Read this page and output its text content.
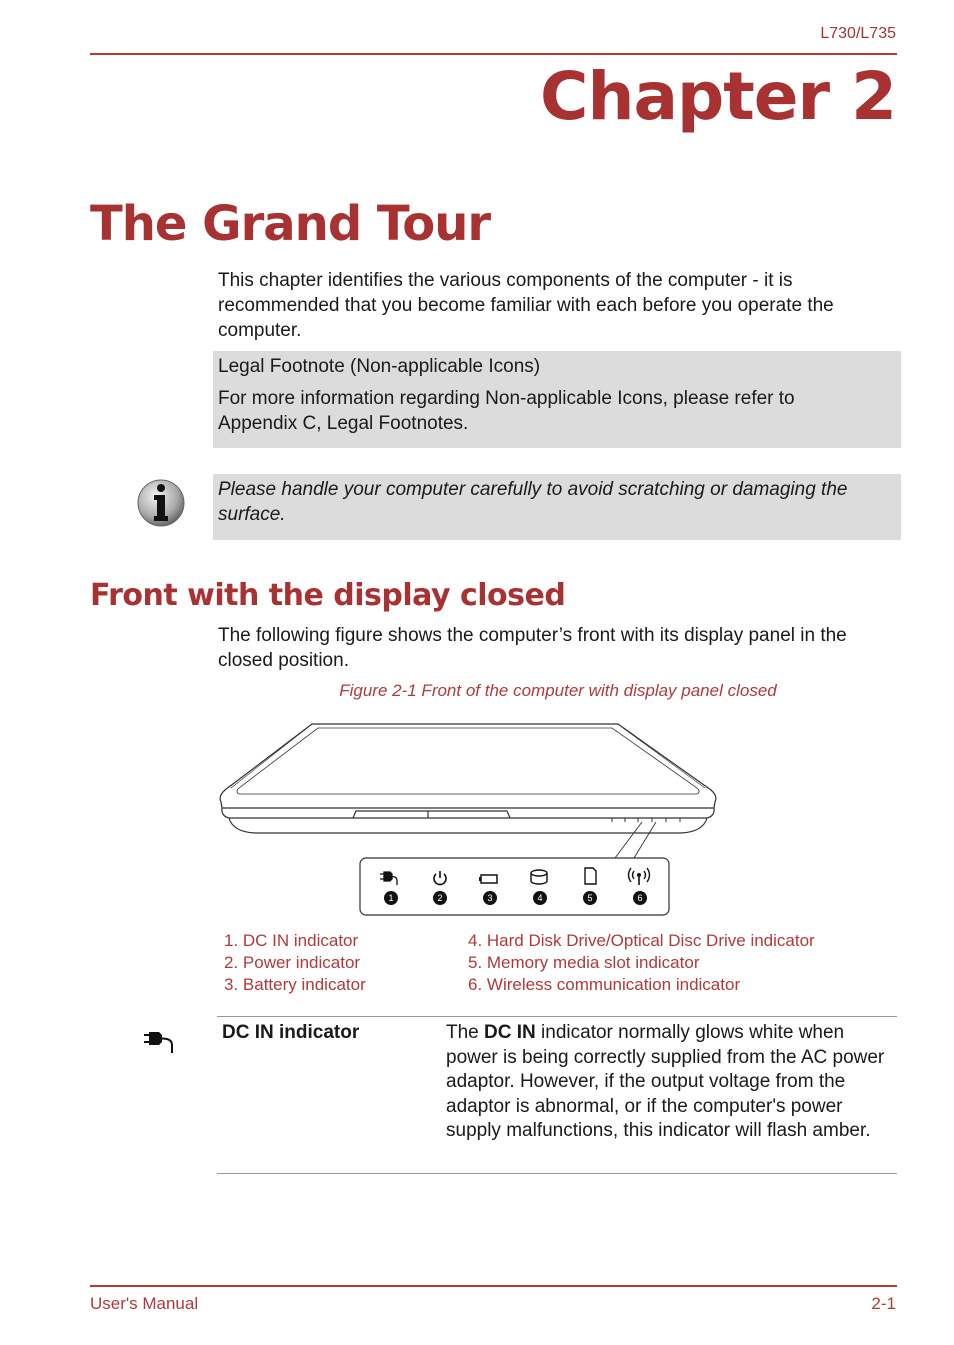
L730/L735
Chapter 2
The Grand Tour
This chapter identifies the various components of the computer - it is recommended that you become familiar with each before you operate the computer.
Legal Footnote (Non-applicable Icons)
For more information regarding Non-applicable Icons, please refer to Appendix C, Legal Footnotes.
Please handle your computer carefully to avoid scratching or damaging the surface.
Front with the display closed
The following figure shows the computer’s front with its display panel in the closed position.
Figure 2-1 Front of the computer with display panel closed
1	2	3	4	5	6
1. DC IN indicator
2. Power indicator
3. Battery indicator
4. Hard Disk Drive/Optical Disc Drive indicator
5. Memory media slot indicator
6. Wireless communication indicator
DC IN indicator	The DC IN indicator normally glows white when power is being correctly supplied from the AC power adaptor. However, if the output voltage from the adaptor is abnormal, or if the computer's power supply malfunctions, this indicator will flash amber.
User's Manual	2-1
